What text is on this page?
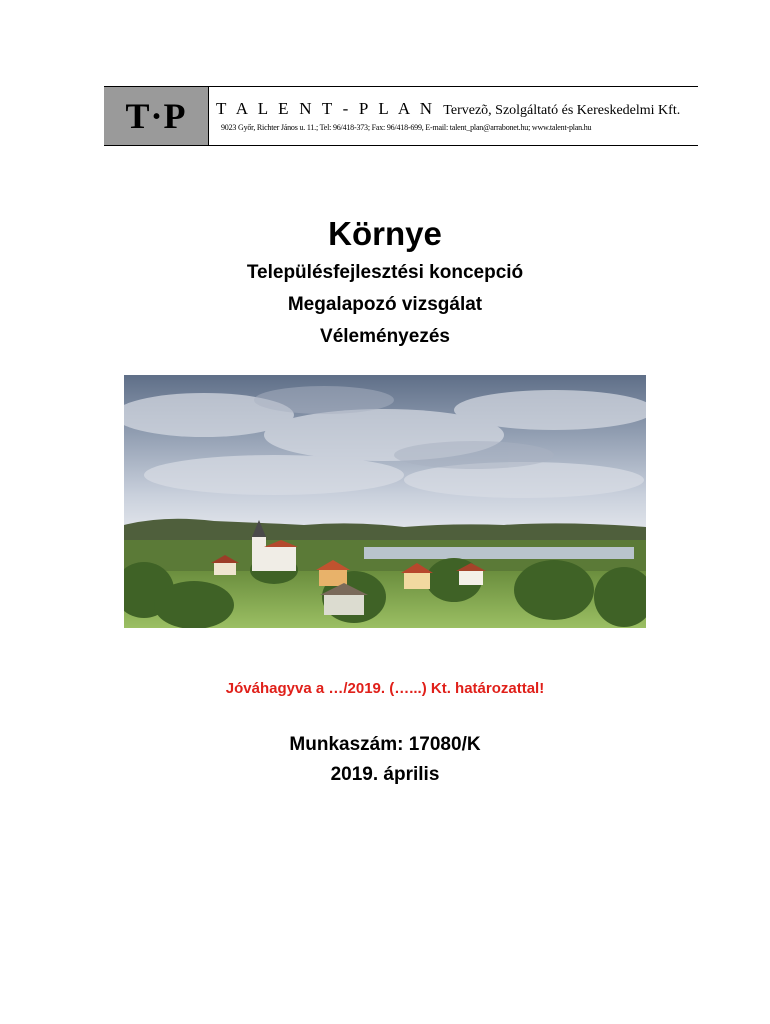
T·P T A L E N T - P L A N Tervezõ, Szolgáltató és Kereskedelmi Kft.
9023 Győr, Richter János u. 11.; Tel: 96/418-373; Fax: 96/418-699, E-mail: talent_plan@arrabonet.hu; www.talent-plan.hu
Környe
Településfejlesztési koncepció
Megalapozó vizsgálat
Véleményezés
Jóváhagyva a …/2019. (…...) Kt. határozattal!
Munkaszám: 17080/K
2019. április
